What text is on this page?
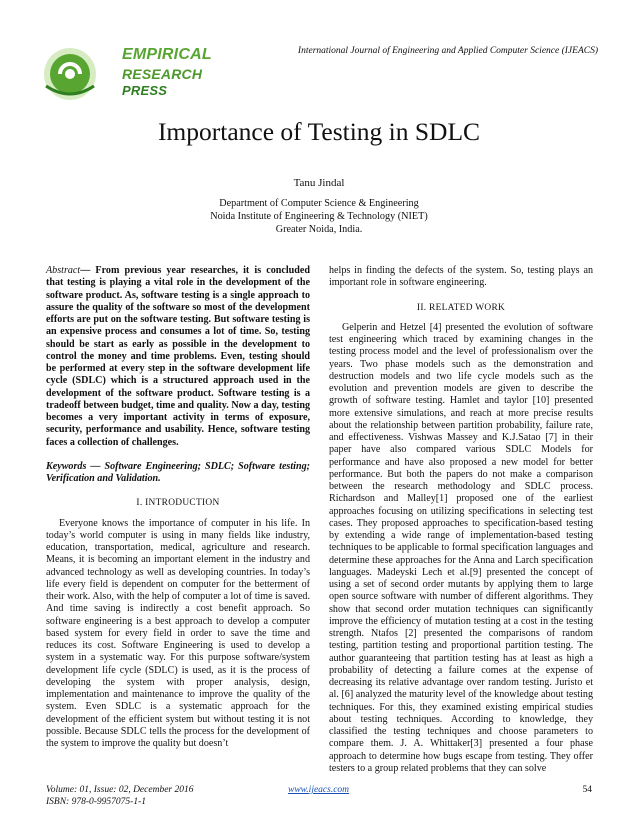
EMPIRICAL
RESEARCH
PRESS
International Journal of Engineering and Applied Computer Science (IJEACS)
Importance of Testing in SDLC
Tanu Jindal
Department of Computer Science & Engineering
Noida Institute of Engineering & Technology (NIET)
Greater Noida, India.

Abstract— From previous year researches, it is concluded that testing is playing a vital role in the development of the software product. As, software testing is a single approach to assure the quality of the software so most of the development efforts are put on the software testing. But software testing is an expensive process and consumes a lot of time. So, testing should be start as early as possible in the development to control the money and time problems. Even, testing should be performed at every step in the software development life cycle (SDLC) which is a structured approach used in the development of the software product. Software testing is a tradeoff between budget, time and quality. Now a day, testing becomes a very important activity in terms of exposure, security, performance and usability. Hence, software testing faces a collection of challenges.

Keywords — Software Engineering; SDLC; Software testing; Verification and Validation.

I. INTRODUCTION

Everyone knows the importance of computer in his life. In today’s world computer is using in many fields like industry, education, transportation, medical, agriculture and research. Means, it is becoming an important element in the industry and advanced technology as well as developing countries. In today’s life every field is dependent on computer for the betterment of their work. Also, with the help of computer a lot of time is saved. And time saving is indirectly a cost benefit approach. So software engineering is a best approach to develop a computer based system for every field in order to save the time and reduces its cost. Software Engineering is used to develop a system in a systematic way. For this purpose software/system development life cycle (SDLC) is used, as it is the process of developing the system with proper analysis, design, implementation and maintenance to improve the quality of the system. Even SDLC is a systematic approach for the development of the efficient system but without testing it is not possible. Because SDLC tells the process for the development of the system to improve the quality but doesn’t

helps in finding the defects of the system. So, testing plays an important role in software engineering.

II. RELATED WORK

Gelperin and Hetzel [4] presented the evolution of software test engineering which traced by examining changes in the testing process model and the level of professionalism over the years. Two phase models such as the demonstration and destruction models and two life cycle models such as the evolution and prevention models are given to describe the growth of software testing. Hamlet and taylor [10] presented more extensive simulations, and reach at more precise results about the relationship between partition probability, failure rate, and effectiveness. Vishwas Massey and K.J.Satao [7] in their paper have also compared various SDLC Models for performance and have also proposed a new model for better performance. But both the papers do not make a comparison between the research methodology and SDLC process. Richardson and Malley[1] proposed one of the earliest approaches focusing on utilizing specifications in selecting test cases. They proposed approaches to specification-based testing by extending a wide range of implementation-based testing techniques to be applicable to formal specification languages and determine these approaches for the Anna and Larch specification languages. Madeyski Lech et al.[9] presented the concept of using a set of second order mutants by applying them to large open source software with number of different algorithms. They show that second order mutation techniques can significantly improve the efficiency of mutation testing at a cost in the testing strength. Ntafos [2] presented the comparisons of random testing, partition testing and proportional partition testing. The author guaranteeing that partition testing has at least as high a probability of detecting a failure comes at the expense of decreasing its relative advantage over random testing. Juristo et al. [6] analyzed the maturity level of the knowledge about testing techniques. For this, they examined existing empirical studies about testing techniques. According to knowledge, they classified the testing techniques and choose parameters to compare them. J. A. Whittaker[3] presented a four phase approach to determine how bugs escape from testing. They offer testers to a group related problems that they can solve

Volume: 01, Issue: 02, December 2016	www.ijeacs.com	54
ISBN: 978-0-9957075-1-1
